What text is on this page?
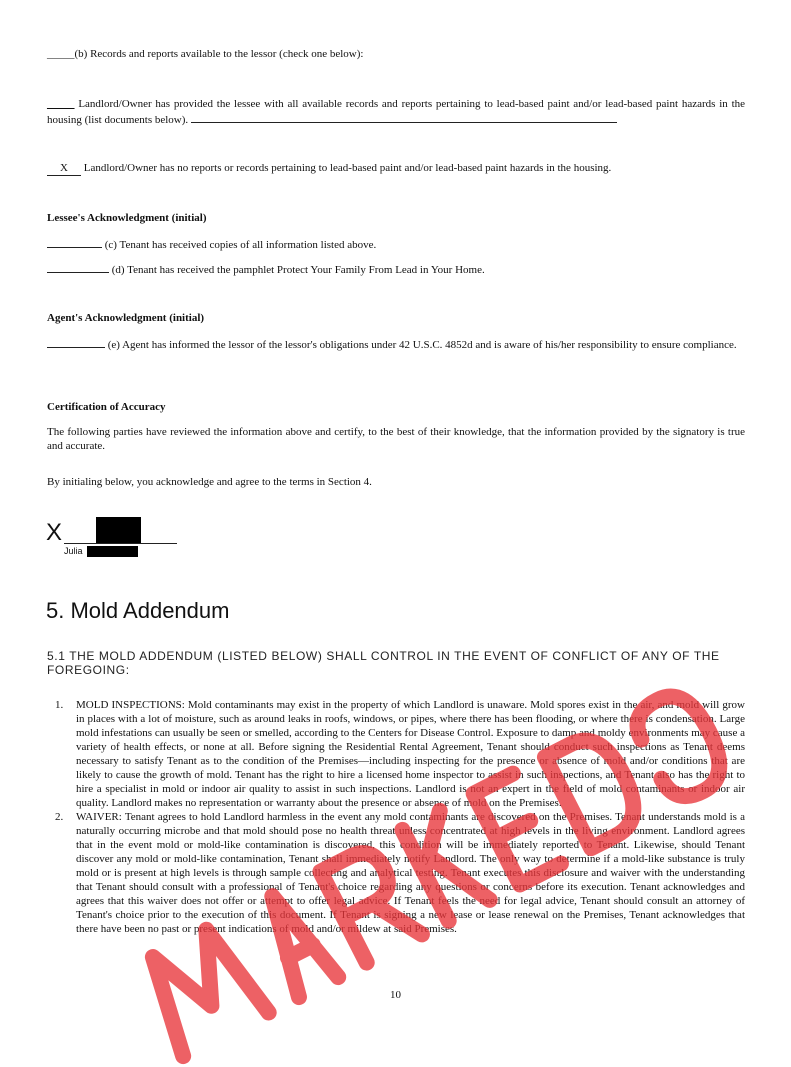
_____(b) Records and reports available to the lessor (check one below):
_____ Landlord/Owner has provided the lessee with all available records and reports pertaining to lead-based paint and/or lead-based paint hazards in the housing (list documents below).
X Landlord/Owner has no reports or records pertaining to lead-based paint and/or lead-based paint hazards in the housing.
Lessee's Acknowledgment (initial)
(c) Tenant has received copies of all information listed above.
(d) Tenant has received the pamphlet Protect Your Family From Lead in Your Home.
Agent's Acknowledgment (initial)
(e) Agent has informed the lessor of the lessor's obligations under 42 U.S.C. 4852d and is aware of his/her responsibility to ensure compliance.
Certification of Accuracy
The following parties have reviewed the information above and certify, to the best of their knowledge, that the information provided by the signatory is true and accurate.
By initialing below, you acknowledge and agree to the terms in Section 4.
X
Julia
5. Mold Addendum
5.1 THE MOLD ADDENDUM (LISTED BELOW) SHALL CONTROL IN THE EVENT OF CONFLICT OF ANY OF THE FOREGOING:
1. MOLD INSPECTIONS: Mold contaminants may exist in the property of which Landlord is unaware. Mold spores exist in the air, and mold will grow in places with a lot of moisture, such as around leaks in roofs, windows, or pipes, where there has been flooding, or where there is condensation. Large mold infestations can usually be seen or smelled, according to the Centers for Disease Control. Exposure to damp and moldy environments may cause a variety of health effects, or none at all. Before signing the Residential Rental Agreement, Tenant should conduct such inspections as Tenant deems necessary to satisfy Tenant as to the condition of the Premises—including inspecting for the presence or absence of mold and/or conditions that are likely to cause the growth of mold. Tenant has the right to hire a licensed home inspector to assist in such inspections, and Tenant also has the right to hire a specialist in mold or indoor air quality to assist in such inspections. Landlord is not an expert in the field of mold contaminants or indoor air quality. Landlord makes no representation or warranty about the presence or absence of mold on the Premises.
2. WAIVER: Tenant agrees to hold Landlord harmless in the event any mold contaminants are discovered on the Premises. Tenant understands mold is a naturally occurring microbe and that mold should pose no health threat unless concentrated at high levels in the living environment. Landlord agrees that in the event mold or mold-like contamination is discovered, this condition will be immediately reported to Tenant. Likewise, should Tenant discover any mold or mold-like contamination, Tenant shall immediately notify Landlord. The only way to determine if a mold-like substance is truly mold or is present at high levels is through sample collecting and analytical testing. Tenant executes this disclosure and waiver with the understanding that Tenant should consult with a professional of Tenant's choice regarding any questions or concerns before its execution. Tenant acknowledges and agrees that this waiver does not offer or attempt to offer legal advice. If Tenant feels the need for legal advice, Tenant should consult an attorney of Tenant's choice prior to the execution of this document. If Tenant is signing a new lease or lease renewal on the Premises, Tenant acknowledges that there have been no past or present indications of mold and/or mildew at said Premises.
10
